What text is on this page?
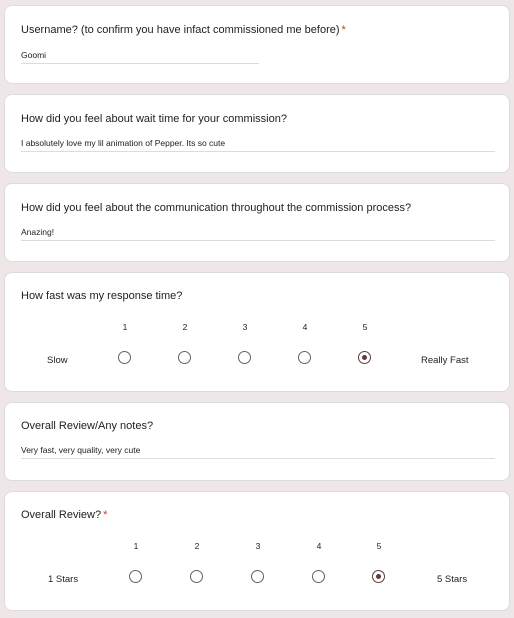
Username? (to confirm you have infact commissioned me before) *
Goomi
How did you feel about wait time for your commission?
I absolutely love my lil animation of Pepper. Its so cute
How did you feel about the communication throughout the commission process?
Anazing!
How fast was my response time?
1	2	3	4	5
Slow	Really Fast
Overall Review/Any notes?
Very fast, very quality, very cute
Overall Review? *
1	2	3	4	5
1 Stars	5 Stars
